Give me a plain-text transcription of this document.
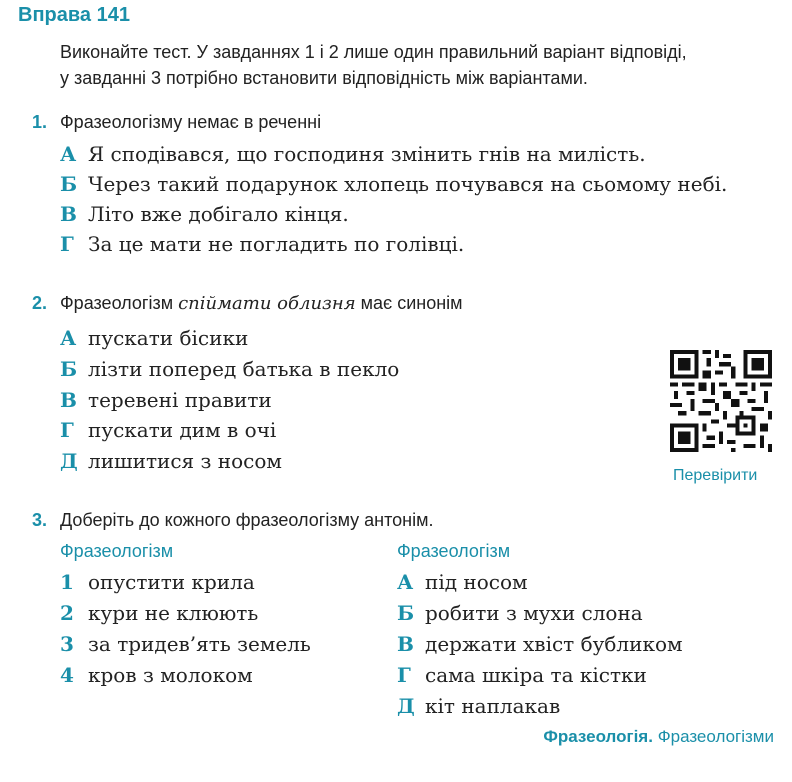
Вправа 141
Виконайте тест. У завданнях 1 і 2 лише один правильний варіант відповіді,
у завданні 3 потрібно встановити відповідність між варіантами.
1. Фразеологізму немає в реченні
А Я сподівався, що господиня змінить гнів на милість.
Б Через такий подарунок хлопець почувався на сьомому небі.
В Літо вже добігало кінця.
Г За це мати не погладить по голівці.
2. Фразеологізм спіймати облизня має синонім
А пускати бісики
Б лізти поперед батька в пекло
В теревені правити
Г пускати дим в очі
Д лишитися з носом
Перевірити
3. Доберіть до кожного фразеологізму антонім.
Фразеологізм	Фразеологізм
1 опустити крила
2 кури не клюють
3 за тридев’ять земель
4 кров з молоком
А під носом
Б робити з мухи слона
В держати хвіст бубликом
Г сама шкіра та кістки
Д кіт наплакав
Фразеологія. Фразеологізми
